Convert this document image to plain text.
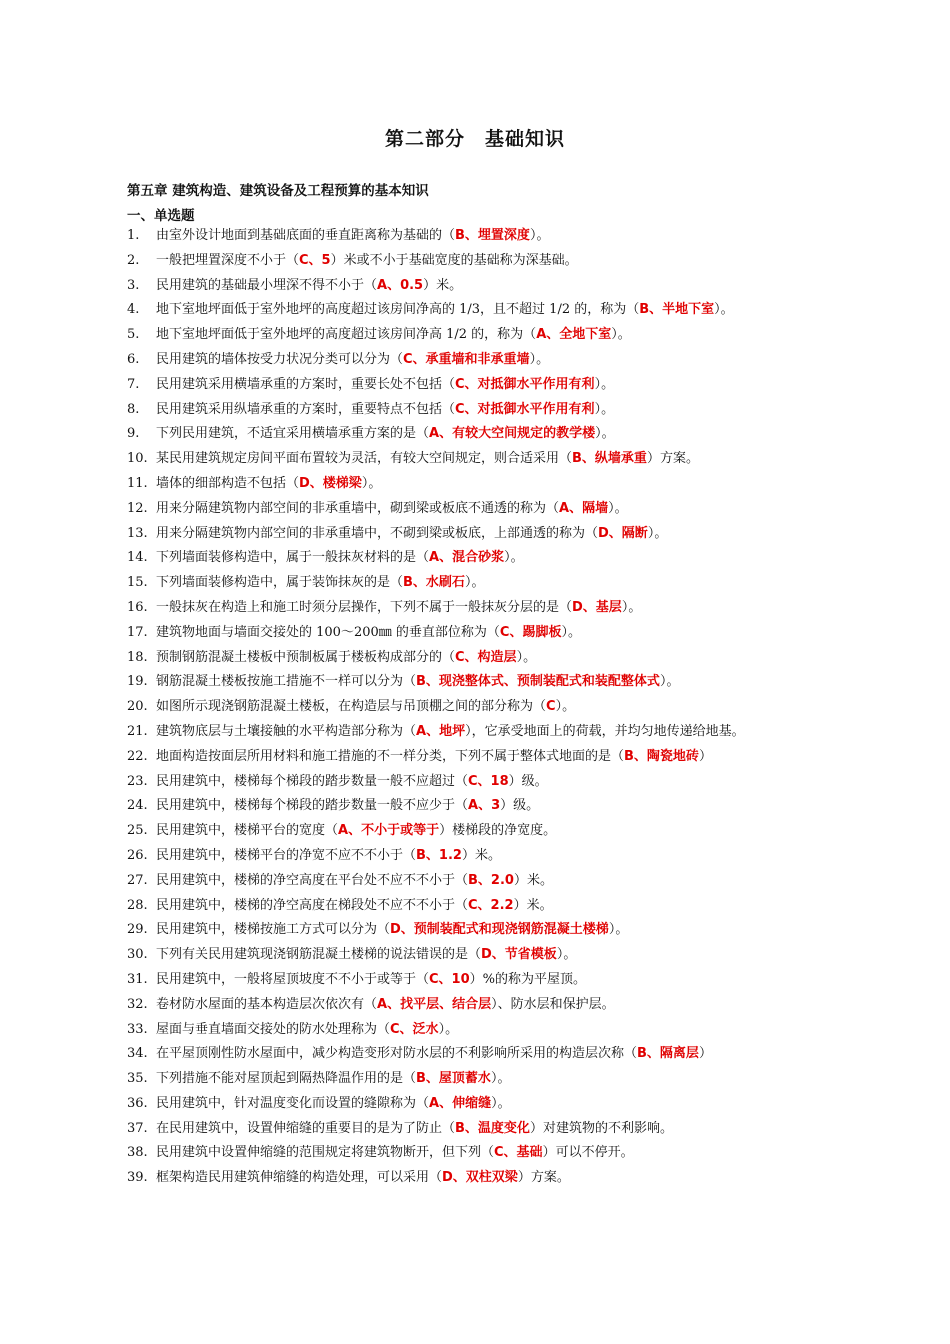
第二部分　基础知识
第五章 建筑构造、建筑设备及工程预算的基本知识
一、单选题
1.	由室外设计地面到基础底面的垂直距离称为基础的（B、埋置深度）。
2.	一般把埋置深度不小于（C、5）米或不小于基础宽度的基础称为深基础。
3.	民用建筑的基础最小埋深不得不小于（A、0.5）米。
4.	地下室地坪面低于室外地坪的高度超过该房间净高的 1/3，且不超过 1/2 的，称为（B、半地下室）。
5.	地下室地坪面低于室外地坪的高度超过该房间净高 1/2 的，称为（A、全地下室）。
6.	民用建筑的墙体按受力状况分类可以分为（C、承重墙和非承重墙）。
7.	民用建筑采用横墙承重的方案时，重要长处不包括（C、对抵御水平作用有利）。
8.	民用建筑采用纵墙承重的方案时，重要特点不包括（C、对抵御水平作用有利）。
9.	下列民用建筑，不适宜采用横墙承重方案的是（A、有较大空间规定的教学楼）。
10. 某民用建筑规定房间平面布置较为灵活，有较大空间规定，则合适采用（B、纵墙承重）方案。
11. 墙体的细部构造不包括（D、楼梯梁）。
12. 用来分隔建筑物内部空间的非承重墙中，砌到梁或板底不通透的称为（A、隔墙）。
13. 用来分隔建筑物内部空间的非承重墙中，不砌到梁或板底，上部通透的称为（D、隔断）。
14. 下列墙面装修构造中，属于一般抹灰材料的是（A、混合砂浆）。
15. 下列墙面装修构造中，属于装饰抹灰的是（B、水刷石）。
16. 一般抹灰在构造上和施工时须分层操作，下列不属于一般抹灰分层的是（D、基层）。
17. 建筑物地面与墙面交接处的 100～200㎜ 的垂直部位称为（C、踢脚板）。
18. 预制钢筋混凝土楼板中预制板属于楼板构成部分的（C、构造层）。
19. 钢筋混凝土楼板按施工措施不一样可以分为（B、现浇整体式、预制装配式和装配整体式）。
20. 如图所示现浇钢筋混凝土楼板，在构造层与吊顶棚之间的部分称为（C）。
21. 建筑物底层与土壤接触的水平构造部分称为（A、地坪），它承受地面上的荷载，并均匀地传递给地基。
22. 地面构造按面层所用材料和施工措施的不一样分类，下列不属于整体式地面的是（B、陶瓷地砖）
23. 民用建筑中，楼梯每个梯段的踏步数量一般不应超过（C、18）级。
24. 民用建筑中，楼梯每个梯段的踏步数量一般不应少于（A、3）级。
25. 民用建筑中，楼梯平台的宽度（A、不小于或等于）楼梯段的净宽度。
26. 民用建筑中，楼梯平台的净宽不应不不小于（B、1.2）米。
27. 民用建筑中，楼梯的净空高度在平台处不应不不小于（B、2.0）米。
28. 民用建筑中，楼梯的净空高度在梯段处不应不不小于（C、2.2）米。
29. 民用建筑中，楼梯按施工方式可以分为（D、预制装配式和现浇钢筋混凝土楼梯）。
30. 下列有关民用建筑现浇钢筋混凝土楼梯的说法错误的是（D、节省模板）。
31. 民用建筑中，一般将屋顶坡度不不小于或等于（C、10）%的称为平屋顶。
32. 卷材防水屋面的基本构造层次依次有（A、找平层、结合层）、防水层和保护层。
33. 屋面与垂直墙面交接处的防水处理称为（C、泛水）。
34. 在平屋顶刚性防水屋面中，减少构造变形对防水层的不利影响所采用的构造层次称（B、隔离层）
35. 下列措施不能对屋顶起到隔热降温作用的是（B、屋顶蓄水）。
36. 民用建筑中，针对温度变化而设置的缝隙称为（A、伸缩缝）。
37. 在民用建筑中，设置伸缩缝的重要目的是为了防止（B、温度变化）对建筑物的不利影响。
38. 民用建筑中设置伸缩缝的范围规定将建筑物断开，但下列（C、基础）可以不停开。
39. 框架构造民用建筑伸缩缝的构造处理，可以采用（D、双柱双梁）方案。
